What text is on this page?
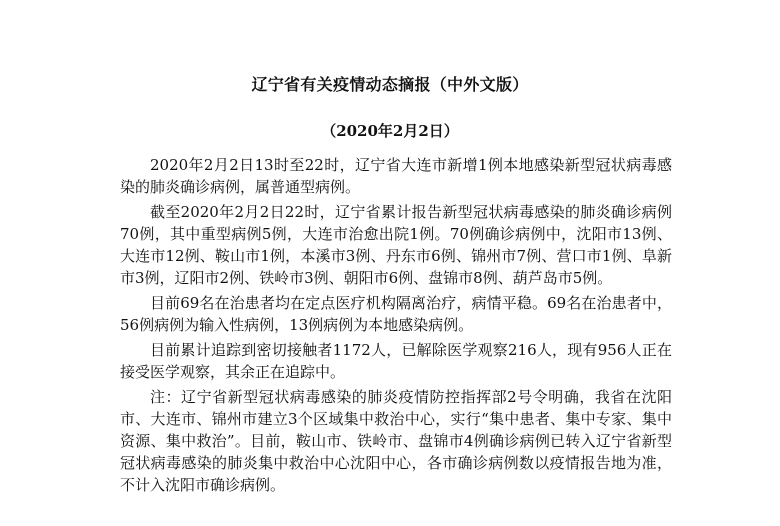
辽宁省有关疫情动态摘报（中外文版）
（2020年2月2日）

2020年2月2日13时至22时，辽宁省大连市新增1例本地感染新型冠状病毒感染的肺炎确诊病例，属普通型病例。

截至2020年2月2日22时，辽宁省累计报告新型冠状病毒感染的肺炎确诊病例70例，其中重型病例5例，大连市治愈出院1例。70例确诊病例中，沈阳市13例、大连市12例、鞍山市1例，本溪市3例、丹东市6例、锦州市7例、营口市1例、阜新市3例，辽阳市2例、铁岭市3例、朝阳市6例、盘锦市8例、葫芦岛市5例。

目前69名在治患者均在定点医疗机构隔离治疗，病情平稳。69名在治患者中，56例病例为输入性病例，13例病例为本地感染病例。

目前累计追踪到密切接触者1172人，已解除医学观察216人，现有956人正在接受医学观察，其余正在追踪中。

注：辽宁省新型冠状病毒感染的肺炎疫情防控指挥部2号令明确，我省在沈阳市、大连市、锦州市建立3个区域集中救治中心，实行“集中患者、集中专家、集中资源、集中救治”。目前，鞍山市、铁岭市、盘锦市4例确诊病例已转入辽宁省新型冠状病毒感染的肺炎集中救治中心沈阳中心，各市确诊病例数以疫情报告地为准，不计入沈阳市确诊病例。
